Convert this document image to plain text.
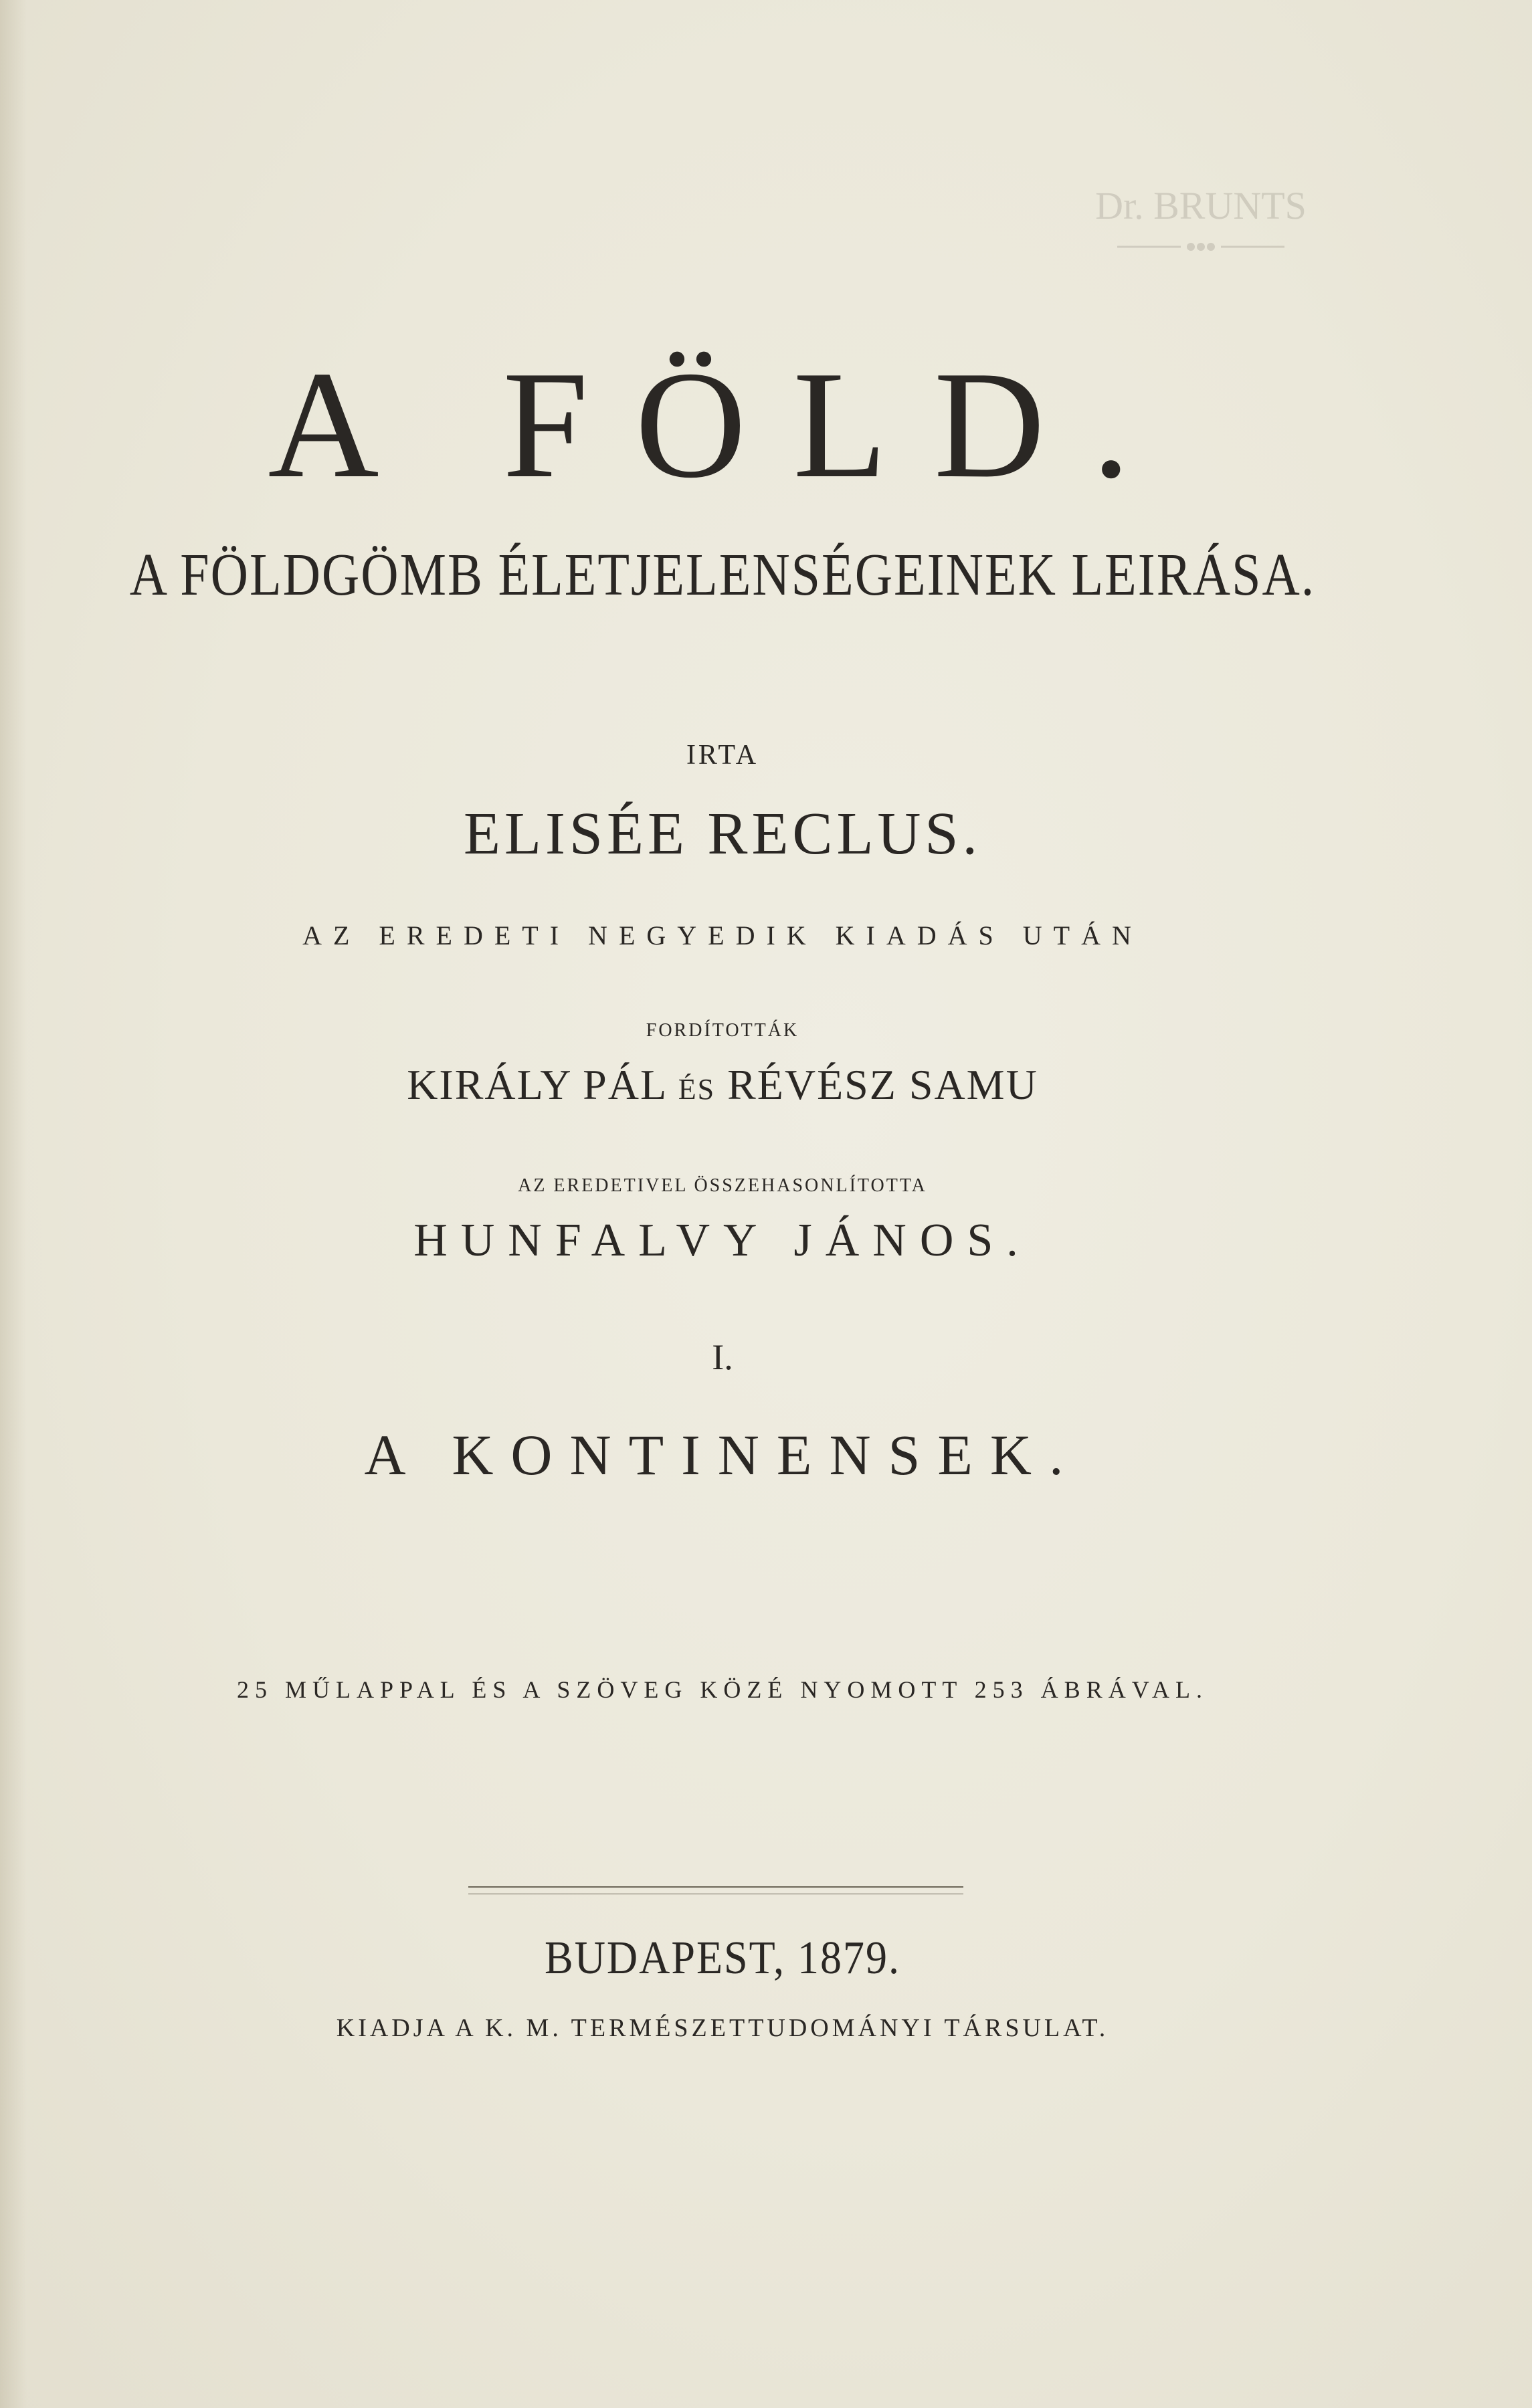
Dr. BRUNTS
A FÖLD.
A FÖLDGÖMB ÉLETJELENSÉGEINEK LEIRÁSA.
IRTA
ELISÉE RECLUS.
AZ EREDETI NEGYEDIK KIADÁS UTÁN
FORDÍTOTTÁK
KIRÁLY PÁL ÉS RÉVÉSZ SAMU
AZ EREDETIVEL ÖSSZEHASONLÍTOTTA
HUNFALVY JÁNOS.
I.
A KONTINENSEK.
25 MŰLAPPAL ÉS A SZÖVEG KÖZÉ NYOMOTT 253 ÁBRÁVAL.
BUDAPEST, 1879.
KIADJA A K. M. TERMÉSZETTUDOMÁNYI TÁRSULAT.
